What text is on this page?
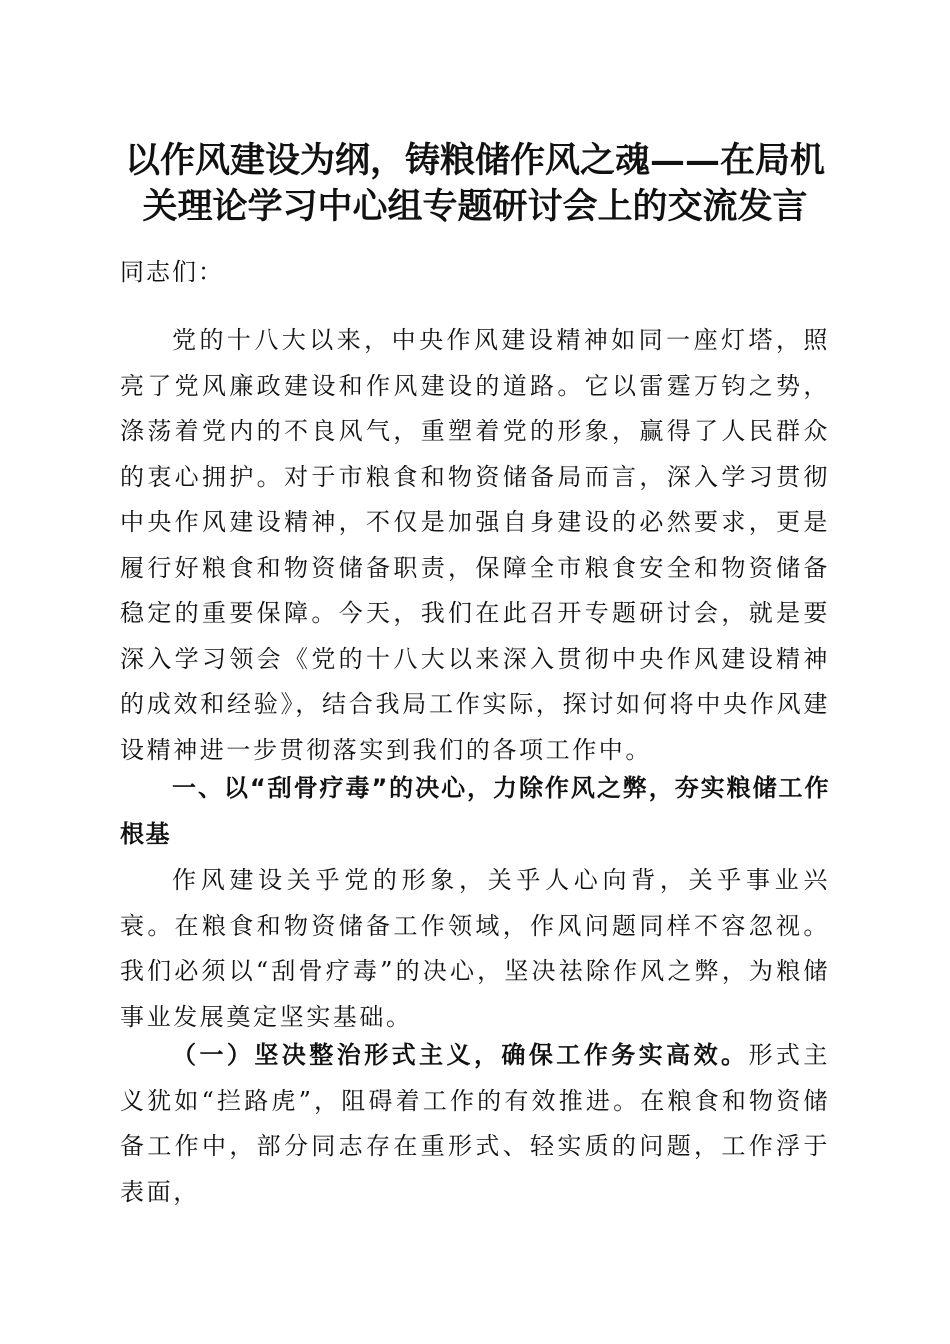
以作风建设为纲，铸粮储作风之魂——在局机
关理论学习中心组专题研讨会上的交流发言

同志们：

党的十八大以来，中央作风建设精神如同一座灯塔，照亮了党风廉政建设和作风建设的道路。它以雷霆万钧之势，涤荡着党内的不良风气，重塑着党的形象，赢得了人民群众的衷心拥护。对于市粮食和物资储备局而言，深入学习贯彻中央作风建设精神，不仅是加强自身建设的必然要求，更是履行好粮食和物资储备职责，保障全市粮食安全和物资储备稳定的重要保障。今天，我们在此召开专题研讨会，就是要深入学习领会《党的十八大以来深入贯彻中央作风建设精神的成效和经验》，结合我局工作实际，探讨如何将中央作风建设精神进一步贯彻落实到我们的各项工作中。

一、以“刮骨疗毒”的决心，力除作风之弊，夯实粮储工作根基

作风建设关乎党的形象，关乎人心向背，关乎事业兴衰。在粮食和物资储备工作领域，作风问题同样不容忽视。我们必须以“刮骨疗毒”的决心，坚决祛除作风之弊，为粮储事业发展奠定坚实基础。

（一）坚决整治形式主义，确保工作务实高效。形式主义犹如“拦路虎”，阻碍着工作的有效推进。在粮食和物资储备工作中，部分同志存在重形式、轻实质的问题，工作浮于表面，
